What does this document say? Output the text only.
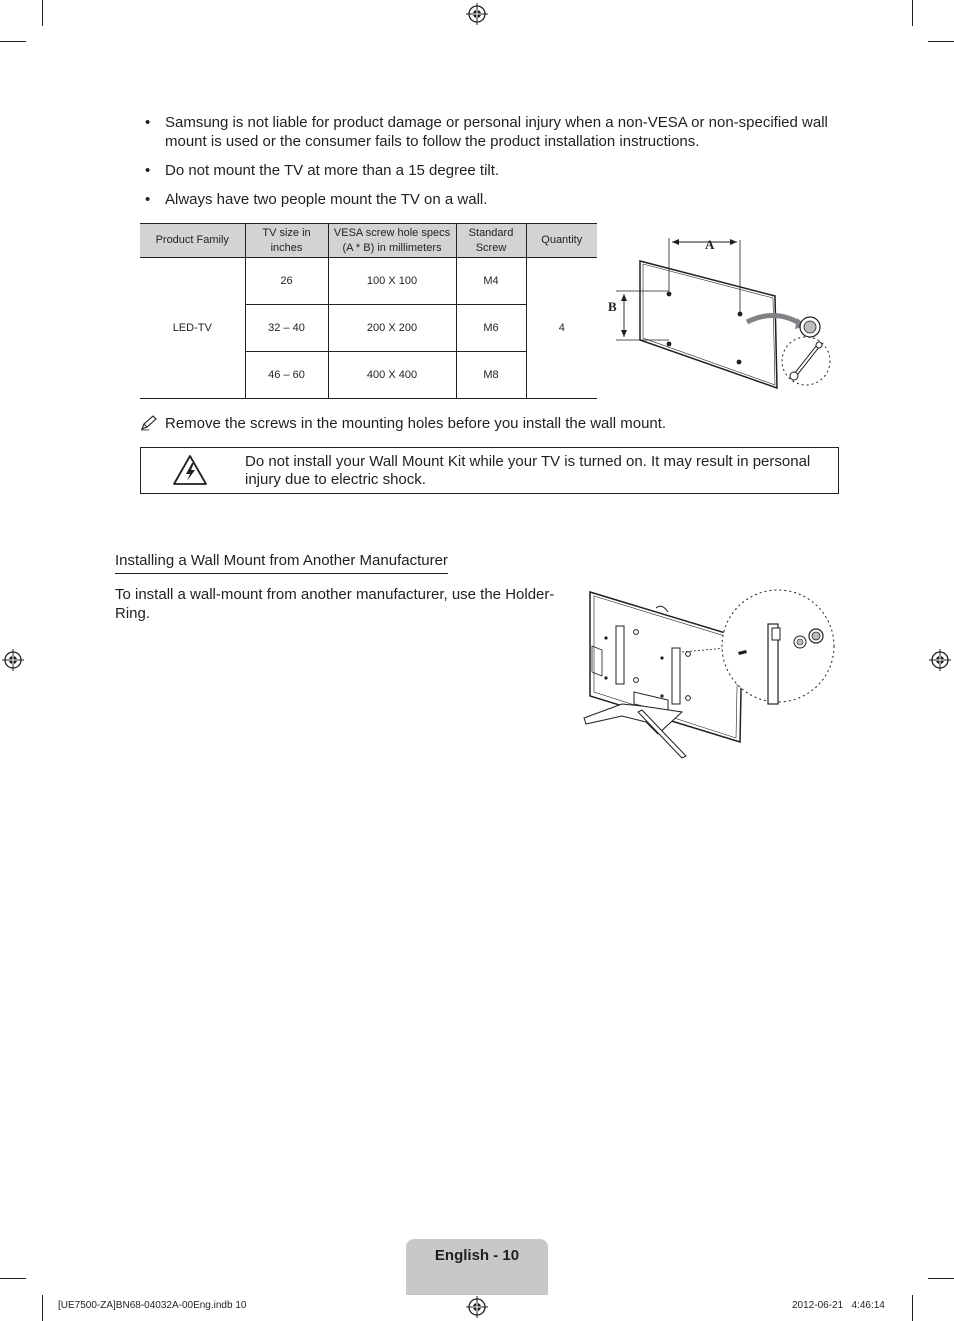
• Samsung is not liable for product damage or personal injury when a non-VESA or non-specified wall mount is used or the consumer fails to follow the product installation instructions.
• Do not mount the TV at more than a 15 degree tilt.
• Always have two people mount the TV on a wall.
Product Family	TV size in inches	VESA screw hole specs (A * B) in millimeters	Standard Screw	Quantity
LED-TV	26	100 X 100	M4	4
	32 – 40	200 X 200	M6	
	46 – 60	400 X 400	M8	
A
B
Remove the screws in the mounting holes before you install the wall mount.
Do not install your Wall Mount Kit while your TV is turned on. It may result in personal injury due to electric shock.
Installing a Wall Mount from Another Manufacturer
To install a wall-mount from another manufacturer, use the Holder-Ring.
English - 10
[UE7500-ZA]BN68-04032A-00Eng.indb 10	2012-06-21   4:46:14
